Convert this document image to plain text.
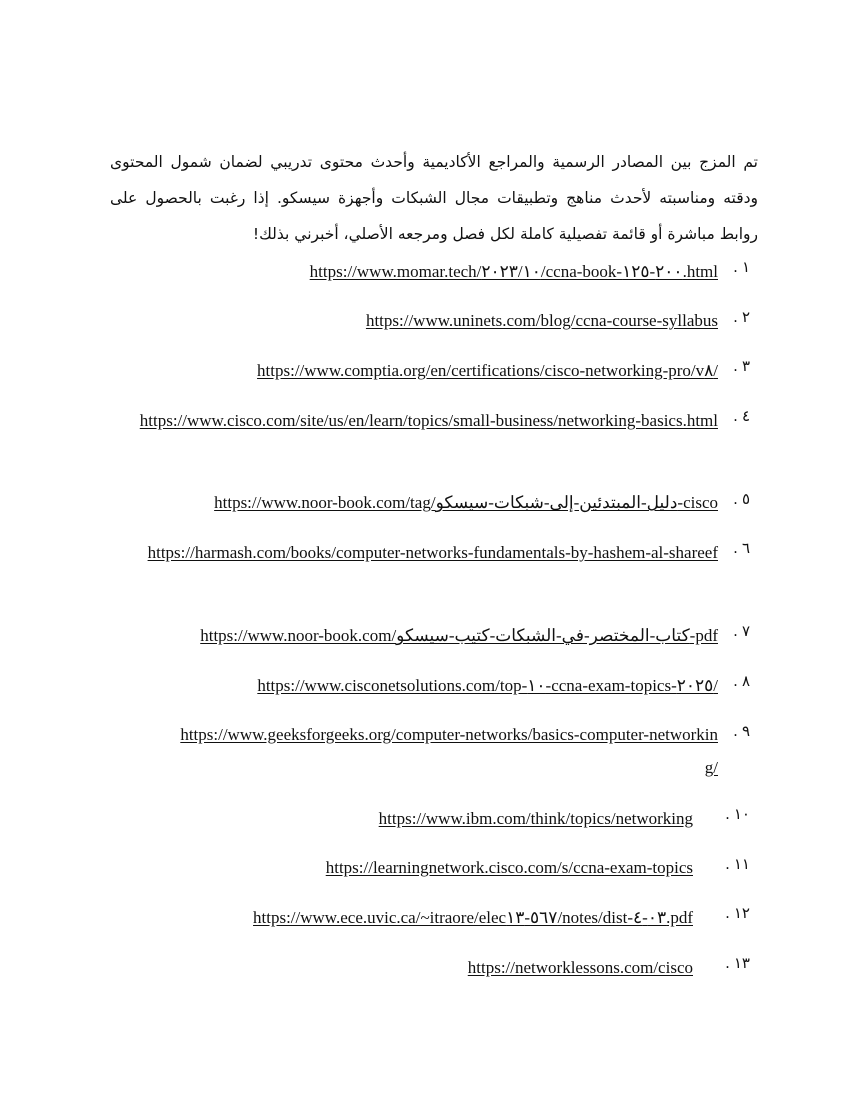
تم المزج بين المصادر الرسمية والمراجع الأكاديمية وأحدث محتوى تدريبي لضمان شمول المحتوى ودقته ومناسبته لأحدث مناهج وتطبيقات مجال الشبكات وأجهزة سيسكو. إذا رغبت بالحصول على روابط مباشرة أو قائمة تفصيلية كاملة لكل فصل ومرجعه الأصلي، أخبرني بذلك!

١.
https://www.momar.tech/٢٠٢٣/١٠/ccna-book-٢٠٠-١٢٥.html
٢.
https://www.uninets.com/blog/ccna-course-syllabus
٣.
https://www.comptia.org/en/certifications/cisco-networking-pro/v٨/
٤.
https://www.cisco.com/site/us/en/learn/topics/small-business/networking-basics.html
٥.
https://www.noor-book.com/tag/دليل-المبتدئين-إلى-شبكات-سيسكو-cisco
٦.
https://harmash.com/books/computer-networks-fundamentals-by-hashem-al-shareef
٧.
https://www.noor-book.com/كتاب-المختصر-في-الشبكات-كتيب-سيسكو-pdf
٨.
https://www.cisconetsolutions.com/top-١٠-ccna-exam-topics-٢٠٢٥/
٩.
https://www.geeksforgeeks.org/computer-networks/basics-computer-networking/
١٠.
https://www.ibm.com/think/topics/networking
١١.
https://learningnetwork.cisco.com/s/ccna-exam-topics
١٢.
https://www.ece.uvic.ca/~itraore/elec٥٦٧-١٣/notes/dist-٠٣-٤.pdf
١٣.
https://networklessons.com/cisco
